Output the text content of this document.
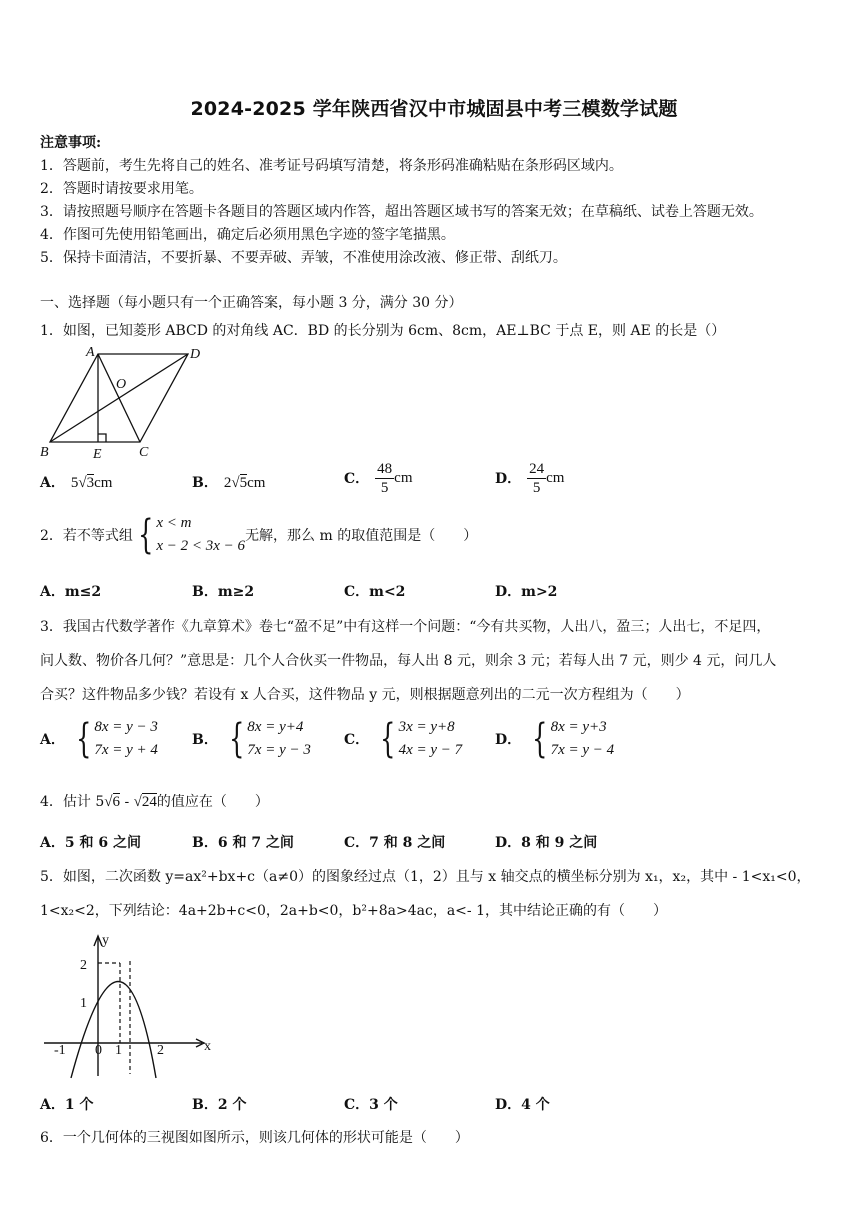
2024-2025 学年陕西省汉中市城固县中考三模数学试题
注意事项:
1．答题前，考生先将自己的姓名、准考证号码填写清楚，将条形码准确粘贴在条形码区域内。
2．答题时请按要求用笔。
3．请按照题号顺序在答题卡各题目的答题区域内作答，超出答题区域书写的答案无效；在草稿纸、试卷上答题无效。
4．作图可先使用铅笔画出，确定后必须用黑色字迹的签字笔描黑。
5．保持卡面清洁，不要折暴、不要弄破、弄皱，不准使用涂改液、修正带、刮纸刀。
一、选择题（每小题只有一个正确答案，每小题 3 分，满分 30 分）
1．如图，已知菱形 ABCD 的对角线 AC．BD 的长分别为 6cm、8cm，AE⊥BC 于点 E，则 AE 的长是（）
A	D
B	C
O
E
A． 5√3cm	B． 2√5cm	C． $\frac{48}{5}$ cm	D． $\frac{24}{5}$ cm
2．若不等式组 { x < m
x − 2 < 3x − 6
无解，那么 m 的取值范围是（　　）
A．m≤2	B．m≥2	C．m<2	D．m>2
3．我国古代数学著作《九章算术》卷七“盈不足”中有这样一个问题：“今有共买物，人出八，盈三；人出七，不足四，
问人数、物价各几何？”意思是：几个人合伙买一件物品，每人出 8 元，则余 3 元；若每人出 7 元，则少 4 元，问几人
合买？这件物品多少钱？若设有 x 人合买，这件物品 y 元，则根据题意列出的二元一次方程组为（　　）
A． { 8x = y − 3
7x = y + 4
B． { 8x = y+4
7x = y − 3
C． { 3x = y+8
4x = y − 7
D． { 8x = y+3
7x = y − 4
4．估计 5√6 - √24的值应在（　　）
A．5 和 6 之间	B．6 和 7 之间	C．7 和 8 之间	D．8 和 9 之间
5．如图，二次函数 y=ax²+bx+c（a≠0）的图象经过点（1，2）且与 x 轴交点的横坐标分别为 x₁，x₂，其中 - 1<x₁<0，
1<x₂<2，下列结论：4a+2b+c<0，2a+b<0，b²+8a>4ac，a<- 1，其中结论正确的有（　　）
y
x
2
1
-1 0 1	2
A．1 个	B．2 个	C．3 个	D．4 个
6．一个几何体的三视图如图所示，则该几何体的形状可能是（　　）
